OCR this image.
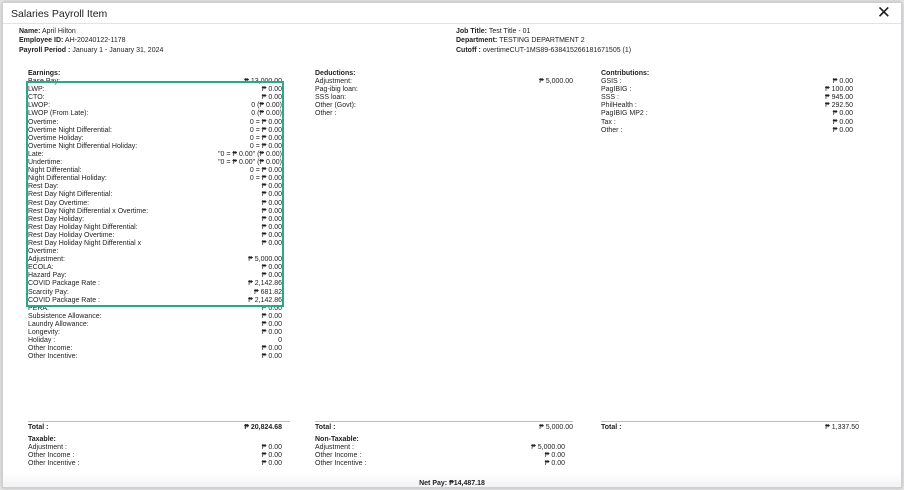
Salaries Payroll Item	✕
Name: April Hilton
Employee ID: AH-20240122-1178
Payroll Period : January 1 - January 31, 2024
Job Title: Test Title - 01
Department: TESTING DEPARTMENT 2
Cutoff : overtimeCUT-1MS89-638415266181671505 (1)
Earnings:
Base Pay:	₱ 13,000.00
LWP:	₱ 0.00
CTO:	₱ 0.00
LWOP:	0 (₱ 0.00)
LWOP (From Late):	0 (₱ 0.00)
Overtime:	0 = ₱ 0.00
Overtime Night Differential:	0 = ₱ 0.00
Overtime Holiday:	0 = ₱ 0.00
Overtime Night Differential Holiday:	0 = ₱ 0.00
Late:	"0 = ₱ 0.00" (₱ 0.00)
Undertime:	"0 = ₱ 0.00" (₱ 0.00)
Night Differential:	0 = ₱ 0.00
Night Differential Holiday:	0 = ₱ 0.00
Rest Day:	₱ 0.00
Rest Day Night Differential:	₱ 0.00
Rest Day Overtime:	₱ 0.00
Rest Day Night Differential x Overtime:	₱ 0.00
Rest Day Holiday:	₱ 0.00
Rest Day Holiday Night Differential:	₱ 0.00
Rest Day Holiday Overtime:	₱ 0.00
Rest Day Holiday Night Differential x Overtime:
₱ 0.00
Adjustment:	₱ 5,000.00
ECOLA:	₱ 0.00
Hazard Pay:	₱ 0.00
COVID Package Rate :	₱ 2,142.86
Scarcity Pay:	₱ 681.82
COVID Package Rate :	₱ 2,142.86
PERA:	₱ 0.00
Subsistence Allowance:	₱ 0.00
Laundry Allowance:	₱ 0.00
Longevity:	₱ 0.00
Holiday :	0
Other Income:	₱ 0.00
Other Incentive:	₱ 0.00
Deductions:
Adjustment:	₱ 5,000.00
Pag-ibig loan:
SSS loan:
Other (Govt):
Other :
Contributions:
GSIS :	₱ 0.00
PagIBIG :	₱ 100.00
SSS :	₱ 945.00
PhilHealth :	₱ 292.50
PagIBIG MP2 :	₱ 0.00
Tax :	₱ 0.00
Other :	₱ 0.00
Total :	₱ 20,824.68
Taxable:
Adjustment :	₱ 0.00
Other Income :	₱ 0.00
Other Incentive :	₱ 0.00
Total :	₱ 5,000.00
Non-Taxable:
Adjustment :	₱ 5,000.00
Other Income :	₱ 0.00
Other Incentive :	₱ 0.00
Total :	₱ 1,337.50
Net Pay: ₱14,487.18
